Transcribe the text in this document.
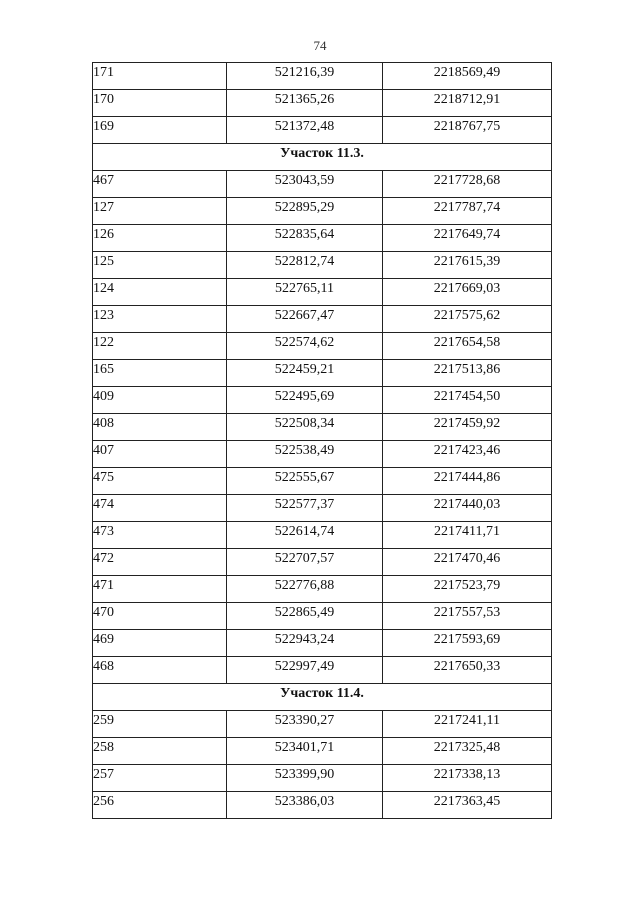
74
171	521216,39	2218569,49
170	521365,26	2218712,91
169	521372,48	2218767,75
Участок 11.3.		
467	523043,59	2217728,68
127	522895,29	2217787,74
126	522835,64	2217649,74
125	522812,74	2217615,39
124	522765,11	2217669,03
123	522667,47	2217575,62
122	522574,62	2217654,58
165	522459,21	2217513,86
409	522495,69	2217454,50
408	522508,34	2217459,92
407	522538,49	2217423,46
475	522555,67	2217444,86
474	522577,37	2217440,03
473	522614,74	2217411,71
472	522707,57	2217470,46
471	522776,88	2217523,79
470	522865,49	2217557,53
469	522943,24	2217593,69
468	522997,49	2217650,33
Участок 11.4.		
259	523390,27	2217241,11
258	523401,71	2217325,48
257	523399,90	2217338,13
256	523386,03	2217363,45
